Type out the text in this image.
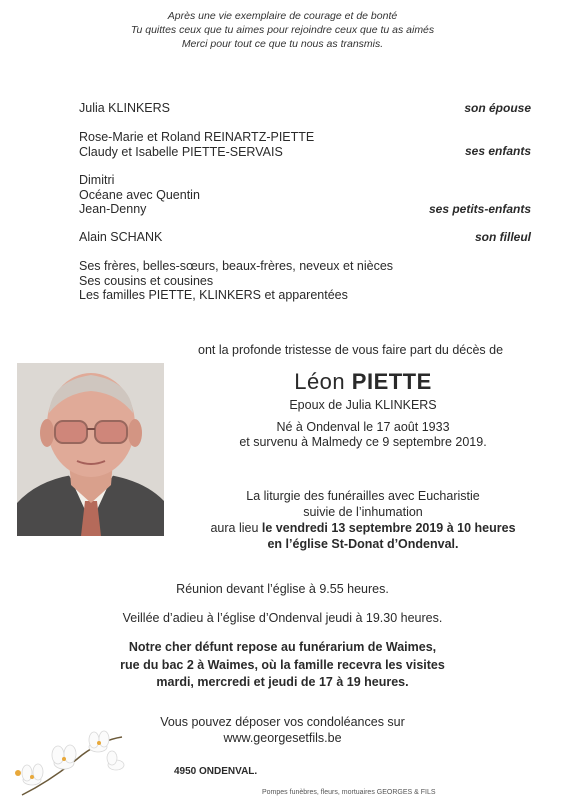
Après une vie exemplaire de courage et de bonté
Tu quittes ceux que tu aimes pour rejoindre ceux que tu as aimés
Merci pour tout ce que tu nous as transmis.
Julia KLINKERS	son épouse
Rose-Marie et Roland REINARTZ-PIETTE
Claudy et Isabelle PIETTE-SERVAIS	ses enfants
Dimitri
Océane avec Quentin
Jean-Denny	ses petits-enfants
Alain SCHANK	son filleul
Ses frères, belles-sœurs, beaux-frères, neveux et nièces
Ses cousins et cousines
Les familles PIETTE, KLINKERS et apparentées
ont la profonde tristesse de vous faire part du décès de
Léon PIETTE
Epoux de Julia KLINKERS
Né à Ondenval le 17 août 1933
et survenu à Malmedy ce 9 septembre 2019.
La liturgie des funérailles avec Eucharistie
suivie de l’inhumation
aura lieu le vendredi 13 septembre 2019 à 10 heures
en l’église St-Donat d’Ondenval.
Réunion devant l’église à 9.55 heures.
Veillée d’adieu à l’église d’Ondenval jeudi à 19.30 heures.
Notre cher défunt repose au funérarium de Waimes,
rue du bac 2 à Waimes, où la famille recevra les visites
mardi, mercredi et jeudi de 17 à 19 heures.
Vous pouvez déposer vos condoléances sur
www.georgesetfils.be
4950 ONDENVAL.
Pompes funèbres, fleurs, mortuaires GEORGES & FILS
